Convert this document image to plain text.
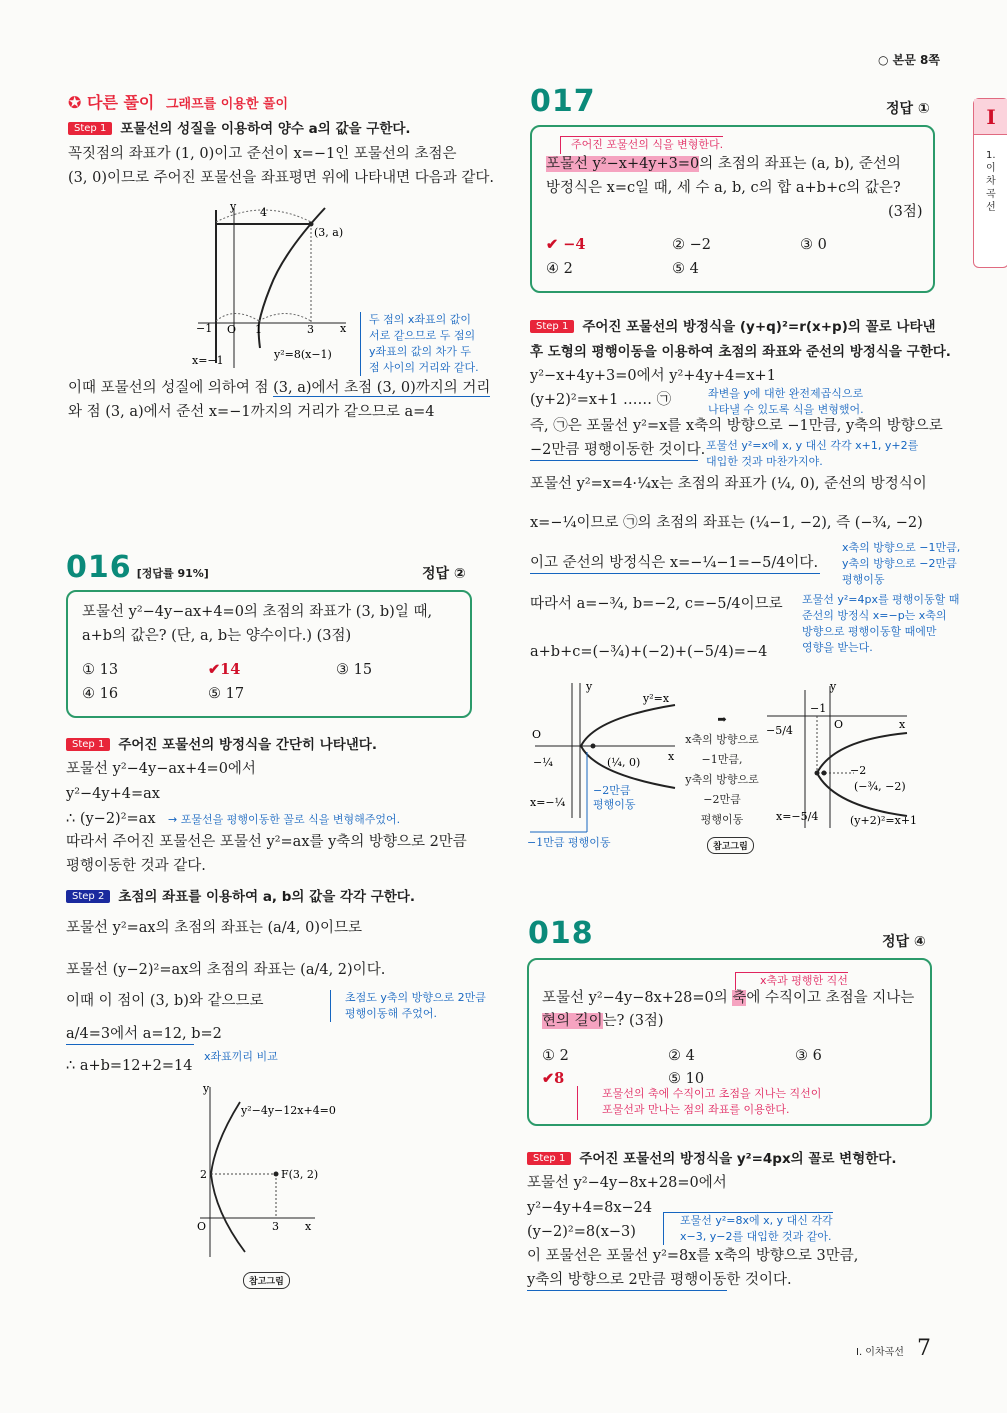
○ 본문 8쪽
I
1. 이차곡선
✪ 다른 풀이 그래프를 이용한 풀이
Step 1 포물선의 성질을 이용하여 양수 a의 값을 구한다.
꼭짓점의 좌표가 (1, 0)이고 준선이 x=−1인 포물선의 초점은
(3, 0)이므로 주어진 포물선을 좌표평면 위에 나타내면 다음과 같다.
y 4
(3, a)
−1 O 1	3 x
x=−1	y²=8(x−1)
두 점의 x좌표의 값이
서로 같으므로 두 점의
y좌표의 값의 차가 두
점 사이의 거리와 같다.
이때 포물선의 성질에 의하여 점 (3, a)에서 초점 (3, 0)까지의 거리
와 점 (3, a)에서 준선 x=−1까지의 거리가 같으므로 a=4
016 [정답률 91%]	정답 ②
포물선 y²−4y−ax+4=0의 초점의 좌표가 (3, b)일 때,
a+b의 값은? (단, a, b는 양수이다.) (3점)
① 13	✔14	③ 15
④ 16	⑤ 17
Step 1 주어진 포물선의 방정식을 간단히 나타낸다.
포물선 y²−4y−ax+4=0에서
y²−4y+4=ax
∴ (y−2)²=ax → 포물선을 평행이동한 꼴로 식을 변형해주었어.
따라서 주어진 포물선은 포물선 y²=ax를 y축의 방향으로 2만큼
평행이동한 것과 같다.
Step 2 초점의 좌표를 이용하여 a, b의 값을 각각 구한다.
포물선 y²=ax의 초점의 좌표는 (a/4, 0)이므로
포물선 (y−2)²=ax의 초점의 좌표는 (a/4, 2)이다.
이때 이 점이 (3, b)와 같으므로	초점도 y축의 방향으로 2만큼
평행이동해 주었어.
a/4=3에서 a=12, b=2
x좌표끼리 비교
∴ a+b=12+2=14
y
y²−4y−12x+4=0
2	F(3, 2)
O	3 x
참고그림
017	정답 ①
주어진 포물선의 식을 변형한다.
포물선 y²−x+4y+3=0의 초점의 좌표는 (a, b), 준선의
방정식은 x=c일 때, 세 수 a, b, c의 합 a+b+c의 값은?
(3점)
✔ −4	② −2	③ 0
④ 2	⑤ 4
Step 1 주어진 포물선의 방정식을 (y+q)²=r(x+p)의 꼴로 나타낸
후 도형의 평행이동을 이용하여 초점의 좌표와 준선의 방정식을 구한다.
y²−x+4y+3=0에서 y²+4y+4=x+1
(y+2)²=x+1 …… ㉠	좌변을 y에 대한 완전제곱식으로
나타낼 수 있도록 식을 변형했어.
즉, ㉠은 포물선 y²=x를 x축의 방향으로 −1만큼, y축의 방향으로
−2만큼 평행이동한 것이다. 포물선 y²=x에 x, y 대신 각각 x+1, y+2를
대입한 것과 마찬가지야.
포물선 y²=x=4·¼x는 초점의 좌표가 (¼, 0), 준선의 방정식이
x=−¼이므로 ㉠의 초점의 좌표는 (¼−1, −2), 즉 (−¾, −2)
x축의 방향으로 −1만큼,
y축의 방향으로 −2만큼
평행이동
이고 준선의 방정식은 x=−¼−1=−5/4이다.
따라서 a=−¾, b=−2, c=−5/4이므로 포물선 y²=4px를 평행이동할 때
준선의 방정식 x=−p는 x축의
방향으로 평행이동할 때에만
영향을 받는다.
a+b+c=(−¾)+(−2)+(−5/4)=−4
y
y²=x
O
x
−¼	(¼, 0)
x=−¼
−2만큼
평행이동
−1만큼 평행이동
➡
x축의 방향으로
−1만큼,
y축의 방향으로
−2만큼
평행이동
참고그림
y
−1
O	x
−5/4
−2
(−¾, −2)
x=−5/4	(y+2)²=x+1
018	정답 ④
x축과 평행한 직선
포물선 y²−4y−8x+28=0의 축에 수직이고 초점을 지나는
현의 길이는? (3점)
① 2	② 4	③ 6
✔8	⑤ 10
포물선의 축에 수직이고 초점을 지나는 직선이
포물선과 만나는 점의 좌표를 이용한다.
Step 1 주어진 포물선의 방정식을 y²=4px의 꼴로 변형한다.
포물선 y²−4y−8x+28=0에서
y²−4y+4=8x−24
(y−2)²=8(x−3)
포물선 y²=8x에 x, y 대신 각각
x−3, y−2를 대입한 것과 같아.
이 포물선은 포물선 y²=8x를 x축의 방향으로 3만큼,
y축의 방향으로 2만큼 평행이동한 것이다.
I. 이차곡선 7
